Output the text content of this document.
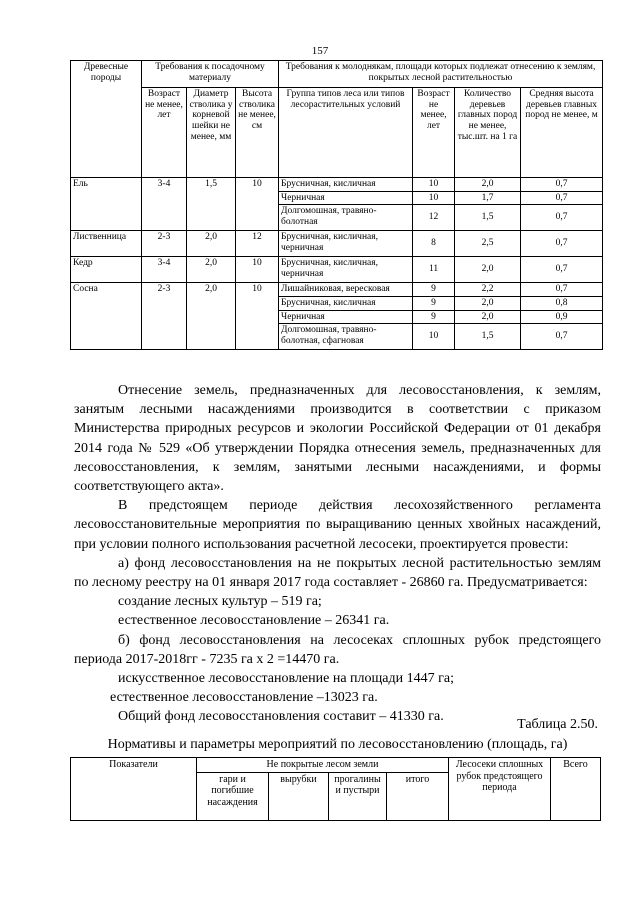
157
Древесные породы	Требования к посадочному материалу			Требования к молоднякам, площади которых подлежат отнесению к землям, покрытых лесной растительностью			
	Возраст не менее, лет	Диаметр стволика у корневой шейки не менее, мм	Высота стволика не менее, см	Группа типов леса или типов лесорастительных условий	Возраст не менее, лет	Количество деревьев главных пород не менее, тыс.шт. на 1 га	Средняя высота деревьев главных пород не менее, м
Ель	3-4	1,5	10	Брусничная, кисличная	10	2,0	0,7
				Черничная	10	1,7	0,7
				Долгомошная, травяно-болотная	12	1,5	0,7
Лиственница	2-3	2,0	12	Брусничная, кисличная, черничная	8	2,5	0,7
Кедр	3-4	2,0	10	Брусничная, кисличная, черничная	11	2,0	0,7
Сосна	2-3	2,0	10	Лишайниковая, вересковая	9	2,2	0,7
				Брусничная, кисличная	9	2,0	0,8
				Черничная	9	2,0	0,9
				Долгомошная, травяно-болотная, сфагновая	10	1,5	0,7

Отнесение земель, предназначенных для лесовосстановления, к землям, занятым лесными насаждениями производится в соответствии с приказом Министерства природных ресурсов и экологии Российской Федерации от 01 декабря 2014 года № 529 «Об утверждении Порядка отнесения земель, предназначенных для лесовосстановления, к землям, занятыми лесными насаждениями, и формы соответствующего акта».

В предстоящем периоде действия лесохозяйственного регламента лесовосстановительные мероприятия по выращиванию ценных хвойных насаждений, при условии полного использования расчетной лесосеки, проектируется провести:

а) фонд лесовосстановления на не покрытых лесной растительностью землям по лесному реестру на 01 января 2017 года составляет - 26860 га. Предусматривается:

создание лесных культур – 519 га;

естественное лесовосстановление – 26341 га.

б) фонд лесовосстановления на лесосеках сплошных рубок предстоящего периода 2017-2018гг - 7235 га х 2 =14470 га.

искусственное лесовосстановление на площади 1447 га;

естественное лесовосстановление –13023 га.

Общий фонд лесовосстановления составит – 41330 га.

Таблица 2.50.
Нормативы и параметры мероприятий по лесовосстановлению (площадь, га)
Показатели	Не покрытые лесом земли				Лесосеки сплошных рубок предстоящего периода	Всего
	гари и погибшие насаждения	вырубки	прогалины и пустыри	итого		
